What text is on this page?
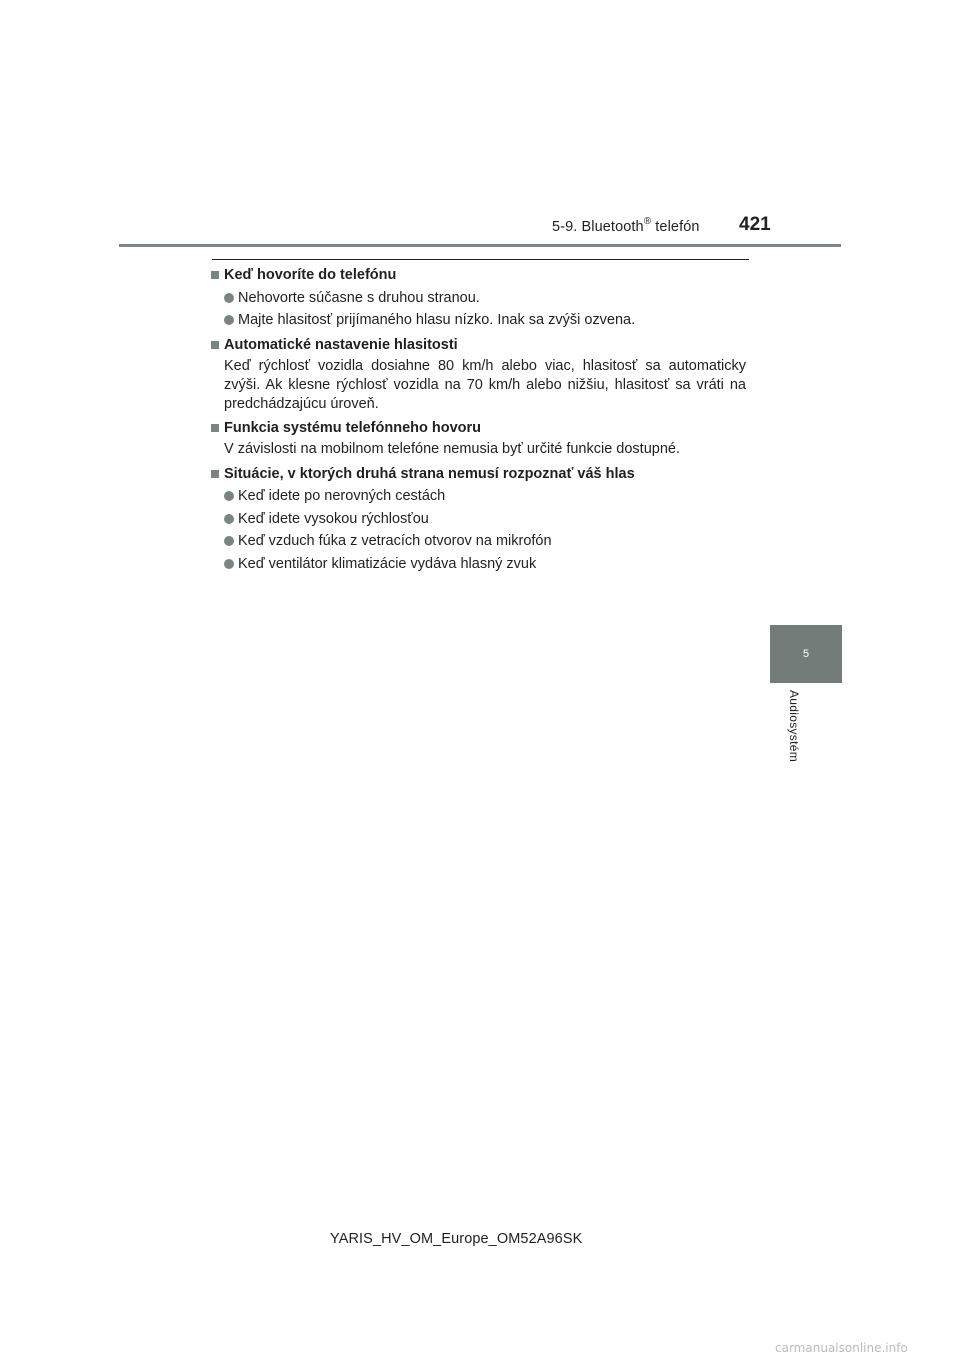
5-9. Bluetooth® telefón 421
Keď hovoríte do telefónu
Nehovorte súčasne s druhou stranou.
Majte hlasitosť prijímaného hlasu nízko. Inak sa zvýši ozvena.
Automatické nastavenie hlasitosti
Keď rýchlosť vozidla dosiahne 80 km/h alebo viac, hlasitosť sa automaticky zvýši. Ak klesne rýchlosť vozidla na 70 km/h alebo nižšiu, hlasitosť sa vráti na predchádzajúcu úroveň.
Funkcia systému telefónneho hovoru
V závislosti na mobilnom telefóne nemusia byť určité funkcie dostupné.
Situácie, v ktorých druhá strana nemusí rozpoznať váš hlas
Keď idete po nerovných cestách
Keď idete vysokou rýchlosťou
Keď vzduch fúka z vetracích otvorov na mikrofón
Keď ventilátor klimatizácie vydáva hlasný zvuk
5
Audiosystém
YARIS_HV_OM_Europe_OM52A96SK
carmanualsonline.info
